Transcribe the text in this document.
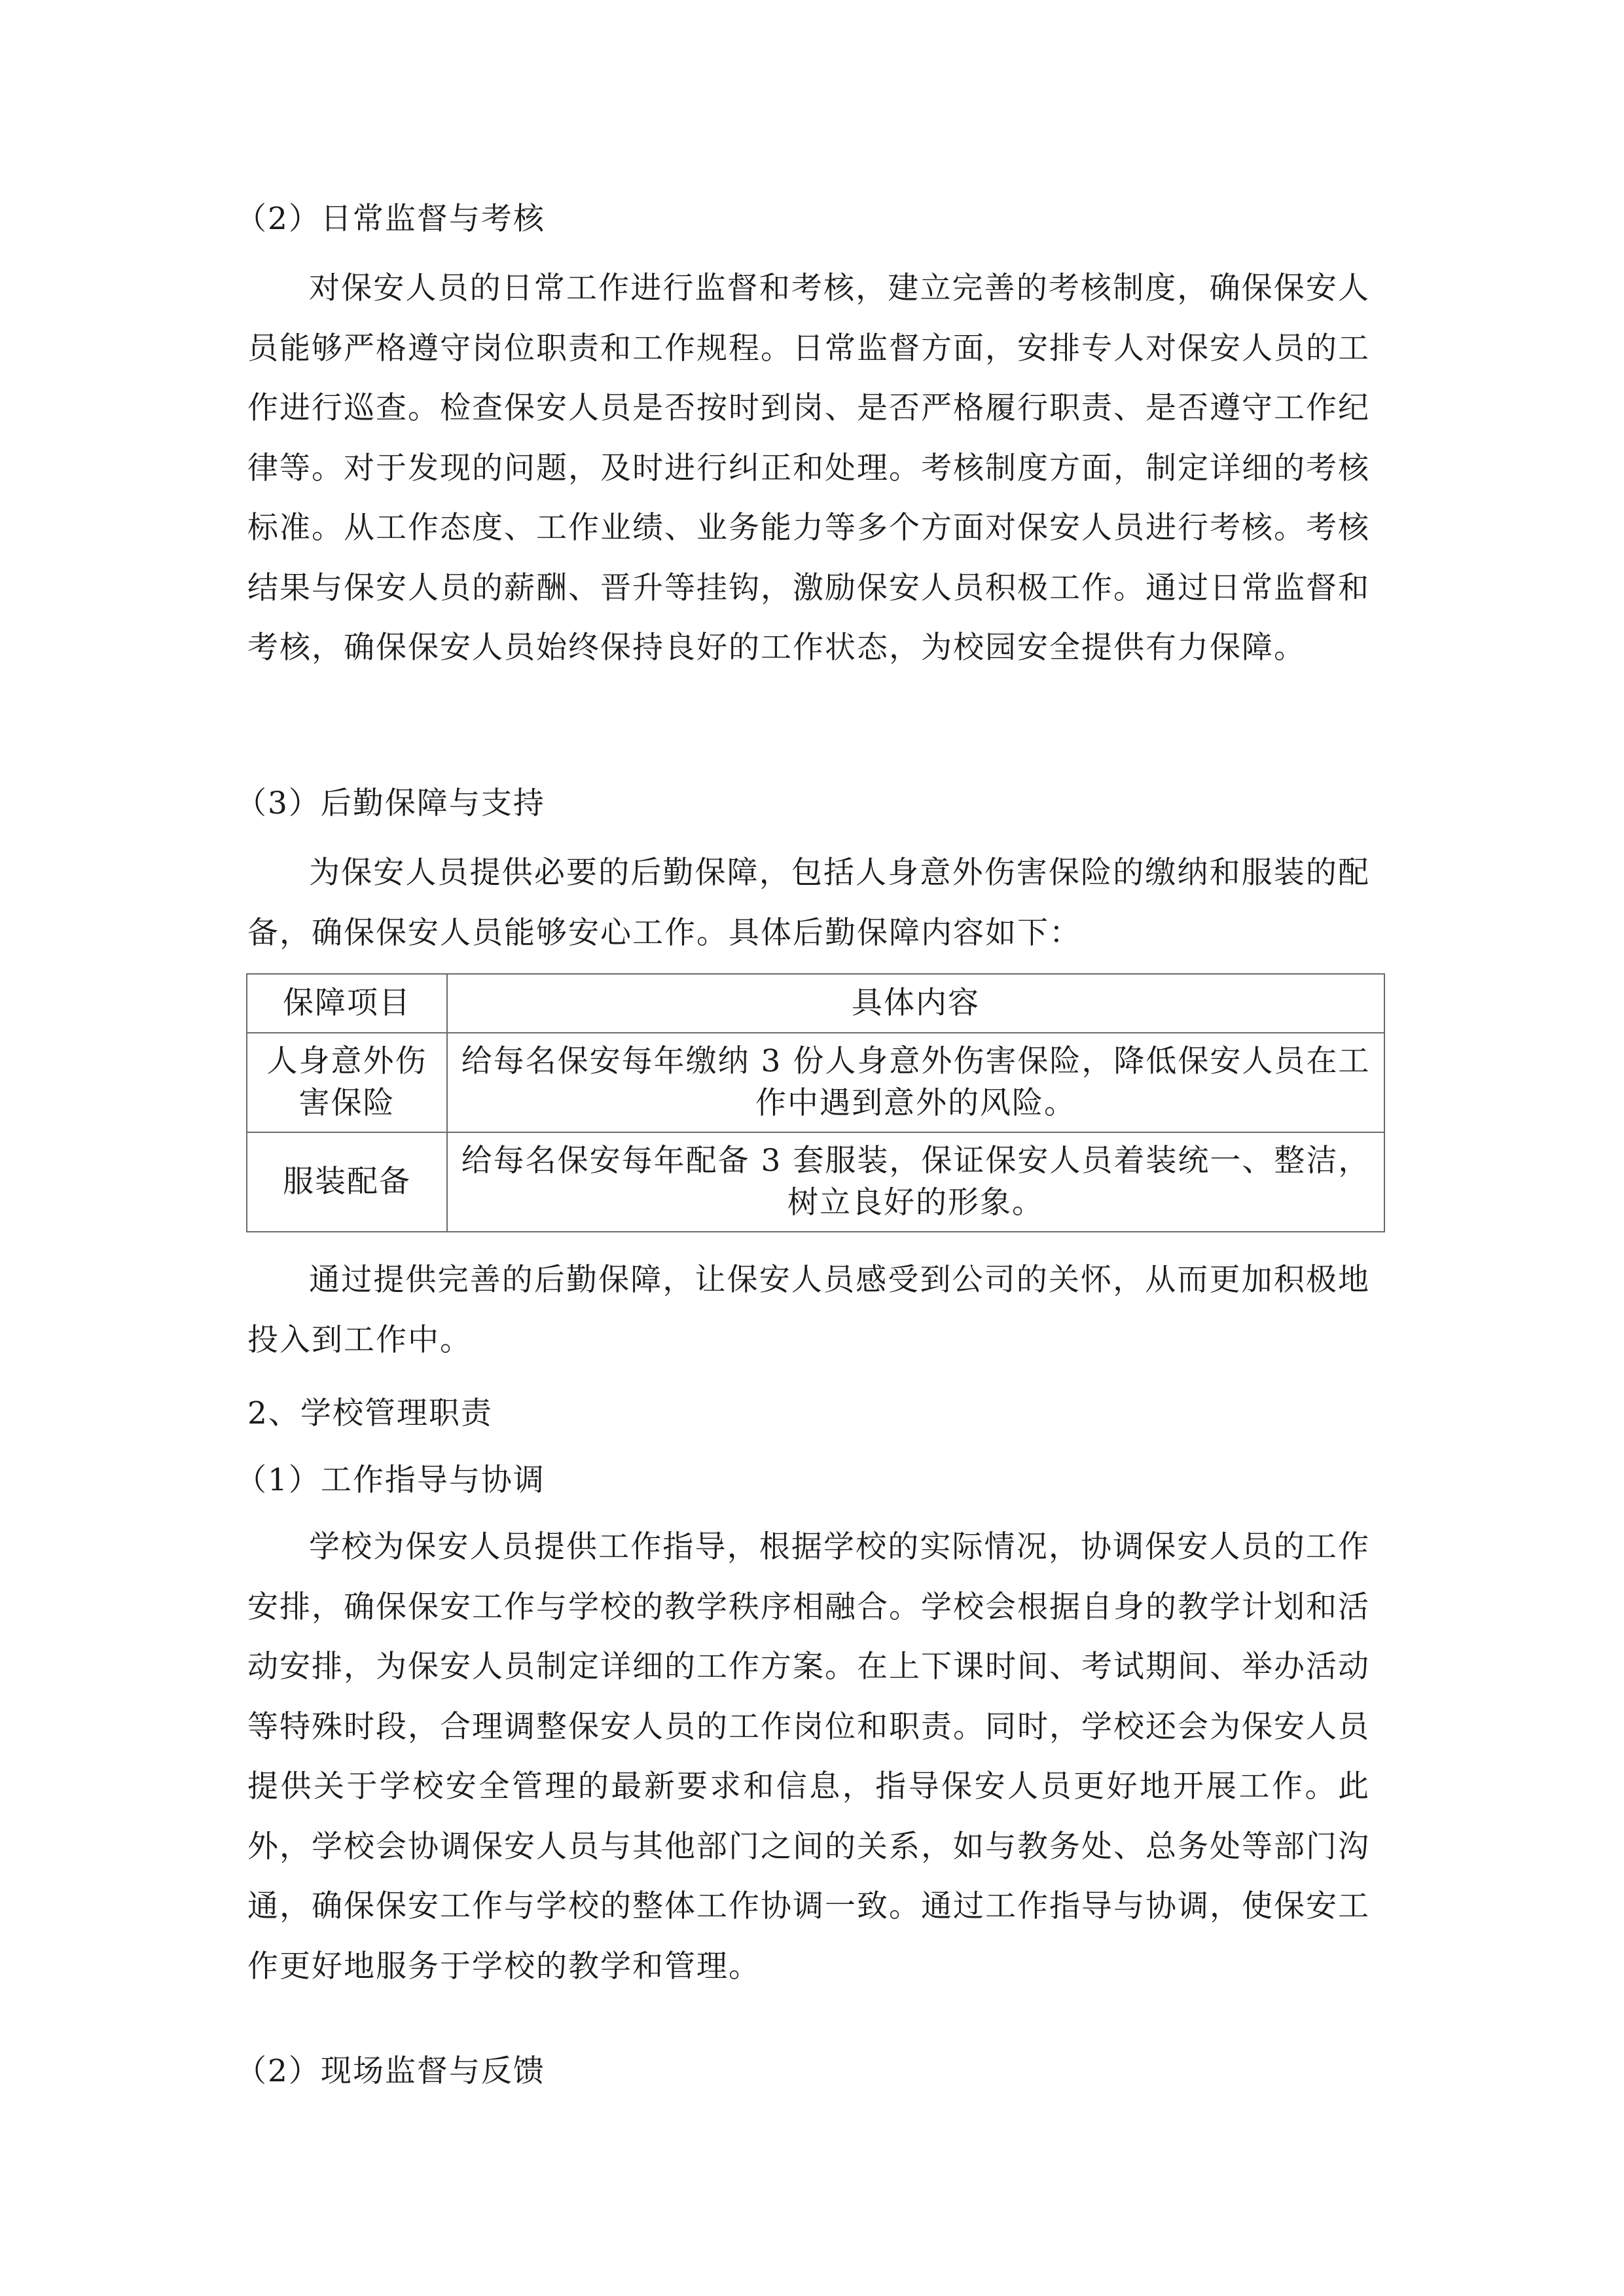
（2）日常监督与考核
对保安人员的日常工作进行监督和考核，建立完善的考核制度，确保保安人员能够严格遵守岗位职责和工作规程。日常监督方面，安排专人对保安人员的工作进行巡查。检查保安人员是否按时到岗、是否严格履行职责、是否遵守工作纪律等。对于发现的问题，及时进行纠正和处理。考核制度方面，制定详细的考核标准。从工作态度、工作业绩、业务能力等多个方面对保安人员进行考核。考核结果与保安人员的薪酬、晋升等挂钩，激励保安人员积极工作。通过日常监督和考核，确保保安人员始终保持良好的工作状态，为校园安全提供有力保障。
（3）后勤保障与支持
为保安人员提供必要的后勤保障，包括人身意外伤害保险的缴纳和服装的配备，确保保安人员能够安心工作。具体后勤保障内容如下：
保障项目	具体内容
人身意外伤害保险	给每名保安每年缴纳 3 份人身意外伤害保险，降低保安人员在工作中遇到意外的风险。
服装配备	给每名保安每年配备 3 套服装，保证保安人员着装统一、整洁，树立良好的形象。
通过提供完善的后勤保障，让保安人员感受到公司的关怀，从而更加积极地投入到工作中。
2、学校管理职责
（1）工作指导与协调
学校为保安人员提供工作指导，根据学校的实际情况，协调保安人员的工作安排，确保保安工作与学校的教学秩序相融合。学校会根据自身的教学计划和活动安排，为保安人员制定详细的工作方案。在上下课时间、考试期间、举办活动等特殊时段，合理调整保安人员的工作岗位和职责。同时，学校还会为保安人员提供关于学校安全管理的最新要求和信息，指导保安人员更好地开展工作。此外，学校会协调保安人员与其他部门之间的关系，如与教务处、总务处等部门沟通，确保保安工作与学校的整体工作协调一致。通过工作指导与协调，使保安工作更好地服务于学校的教学和管理。
（2）现场监督与反馈
